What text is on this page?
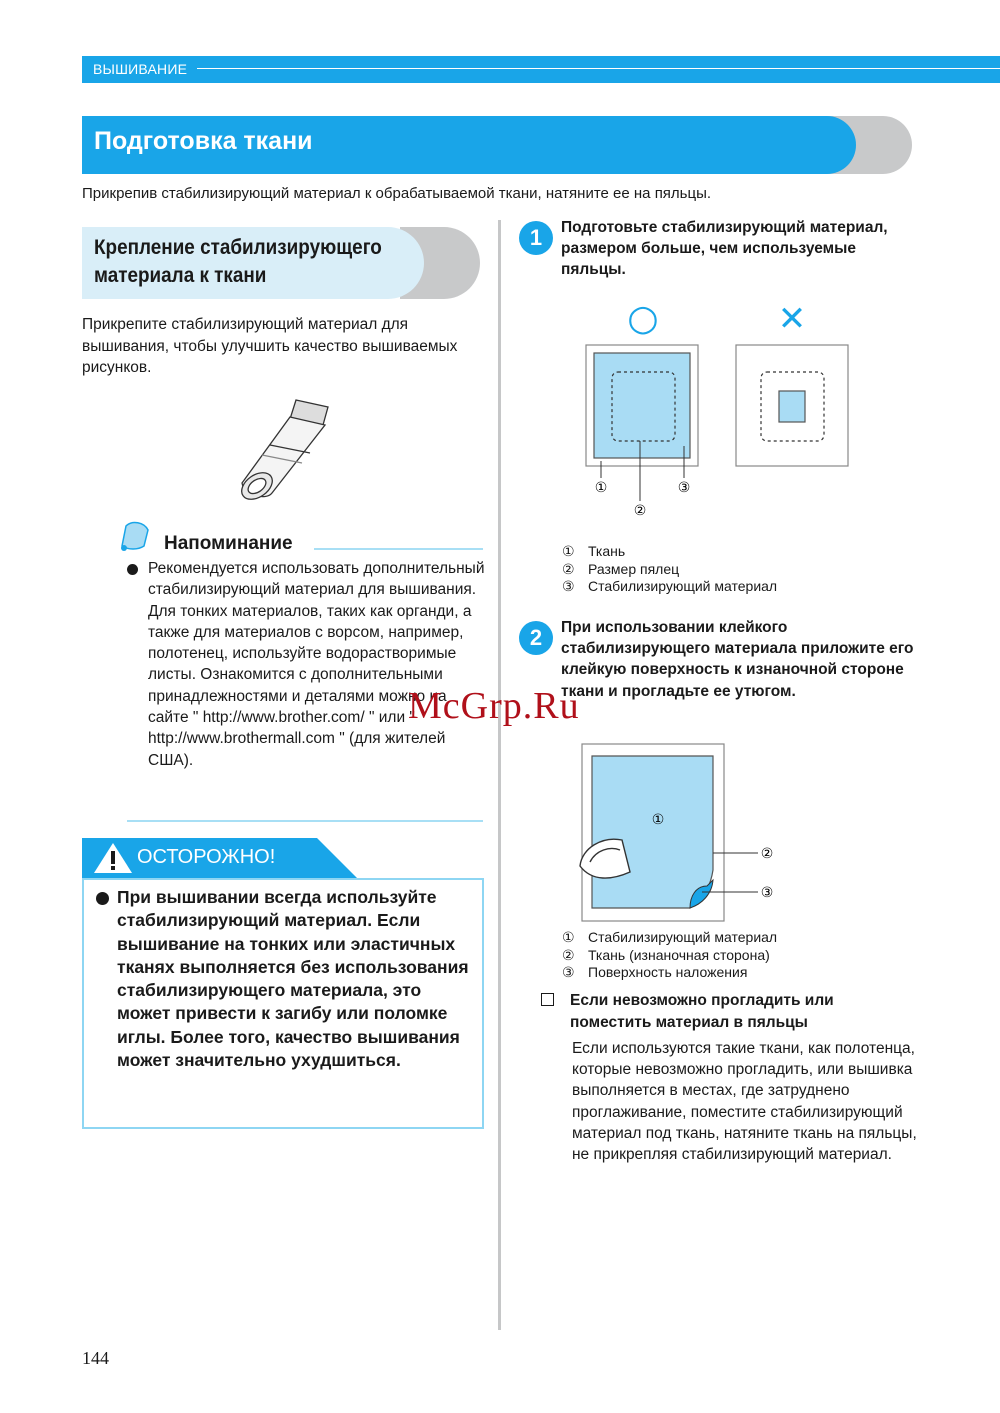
ВЫШИВАНИЕ
Подготовка ткани
Прикрепив стабилизирующий материал к обрабатываемой ткани, натяните ее на пяльцы.
Крепление стабилизирующего материала к ткани
Прикрепите стабилизирующий материал для вышивания, чтобы улучшить качество вышиваемых рисунков.
Напоминание
Рекомендуется использовать дополнительный стабилизирующий материал для вышивания. Для тонких материалов, таких как органди, а также для материалов с ворсом, например, полотенец, используйте водорастворимые листы. Ознакомится с дополнительными принадлежностями и деталями можно на сайте " http://www.brother.com/ " или " http://www.brothermall.com " (для жителей США).
ОСТОРОЖНО!
При вышивании всегда используйте стабилизирующий материал. Если вышивание на тонких или эластичных тканях выполняется без использования стабилизирующего материала, это может привести к загибу или поломке иглы. Более того, качество вышивания может значительно ухудшиться.
1	Подготовьте стабилизирующий материал, размером больше, чем используемые пяльцы.
○	✕
①
②
③
① Ткань
② Размер пялец
③ Стабилизирующий материал
2	При использовании клейкого стабилизирующего материала приложите его клейкую поверхность к изнаночной стороне ткани и прогладьте ее утюгом.
①
②
③
① Стабилизирующий материал
② Ткань (изнаночная сторона)
③ Поверхность наложения
Если невозможно прогладить или поместить материал в пяльцы
Если используются такие ткани, как полотенца, которые невозможно прогладить, или вышивка выполняется в местах, где затруднено проглаживание, поместите стабилизирующий материал под ткань, натяните ткань на пяльцы, не прикрепляя стабилизирующий материал.
144
McGrp.Ru
